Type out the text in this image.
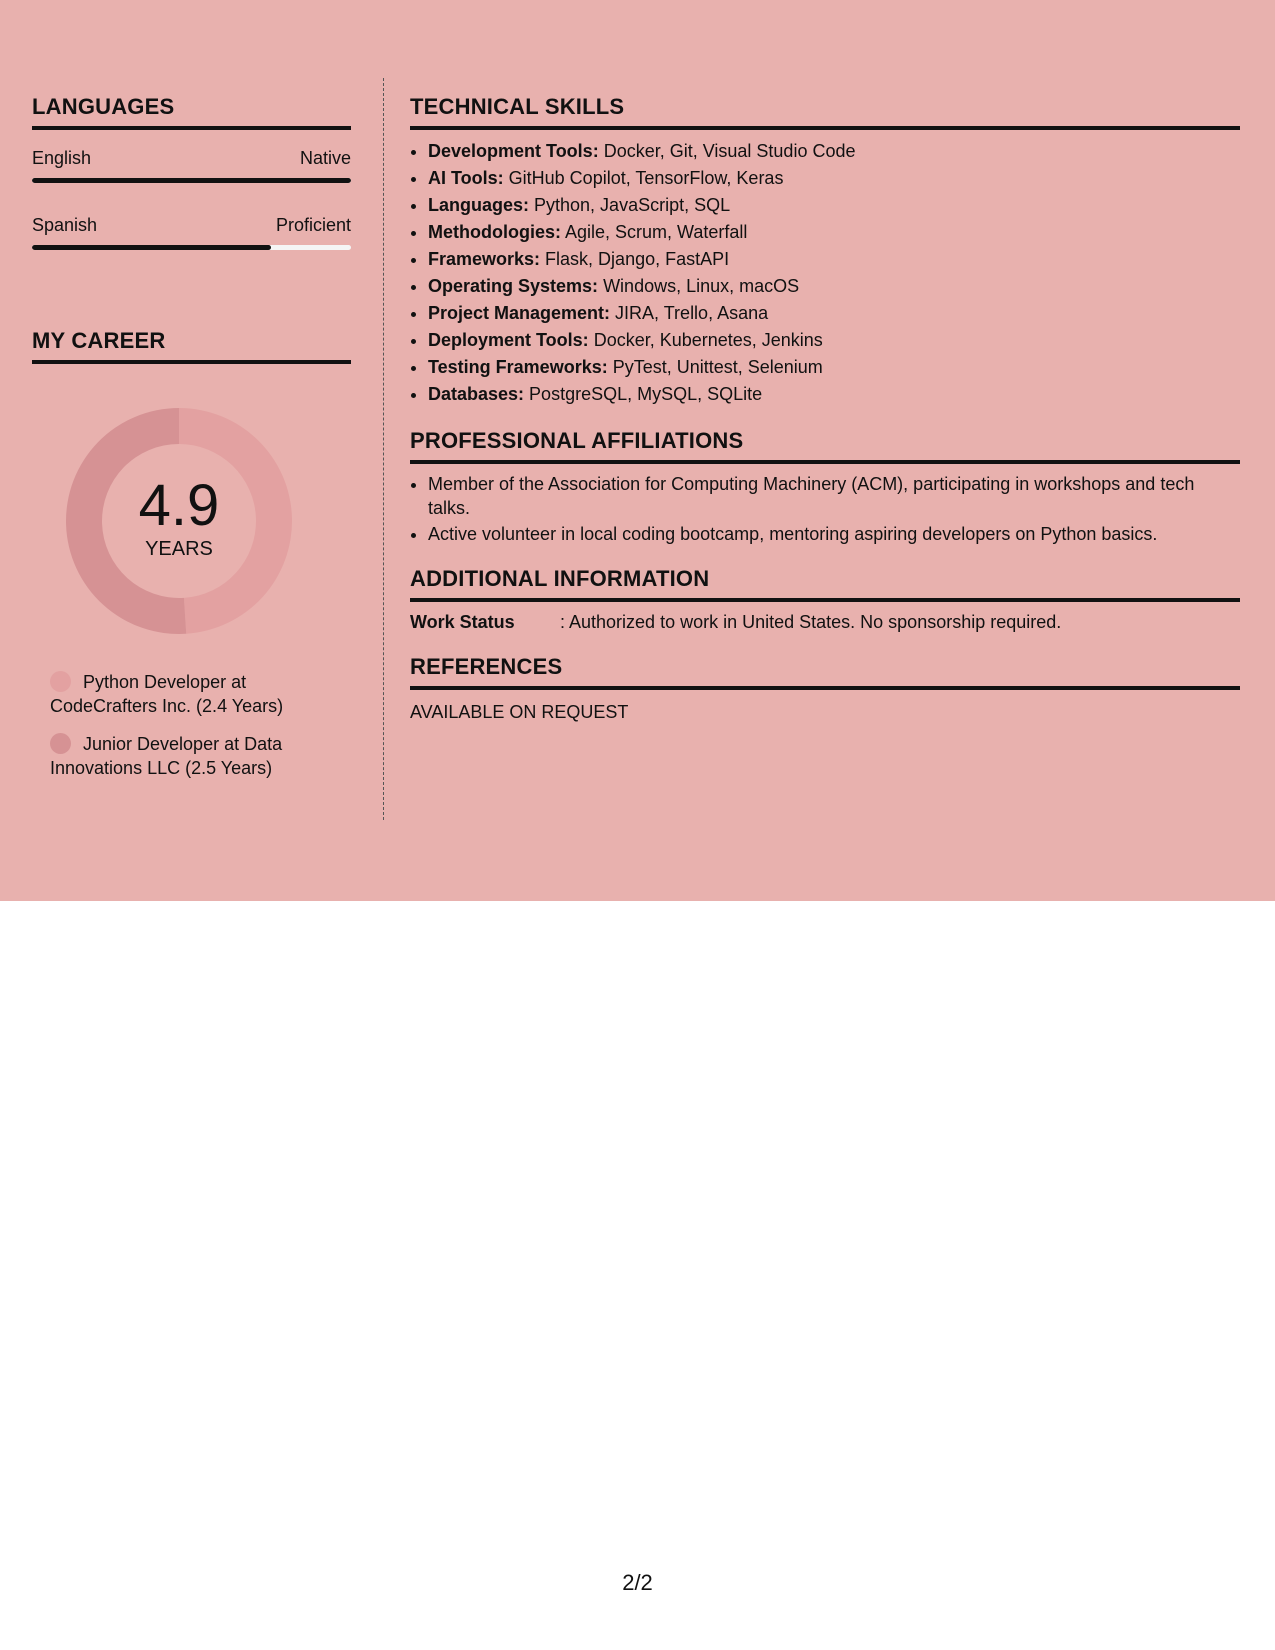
LANGUAGES
English	Native
Spanish	Proficient
MY CAREER
4.9
YEARS
Python Developer at CodeCrafters Inc. (2.4 Years)
Junior Developer at Data Innovations LLC (2.5 Years)
TECHNICAL SKILLS
• Development Tools: Docker, Git, Visual Studio Code
• AI Tools: GitHub Copilot, TensorFlow, Keras
• Languages: Python, JavaScript, SQL
• Methodologies: Agile, Scrum, Waterfall
• Frameworks: Flask, Django, FastAPI
• Operating Systems: Windows, Linux, macOS
• Project Management: JIRA, Trello, Asana
• Deployment Tools: Docker, Kubernetes, Jenkins
• Testing Frameworks: PyTest, Unittest, Selenium
• Databases: PostgreSQL, MySQL, SQLite
PROFESSIONAL AFFILIATIONS
• Member of the Association for Computing Machinery (ACM), participating in workshops and tech talks.
• Active volunteer in local coding bootcamp, mentoring aspiring developers on Python basics.
ADDITIONAL INFORMATION
Work Status	: Authorized to work in United States. No sponsorship required.
REFERENCES
AVAILABLE ON REQUEST
2/2
